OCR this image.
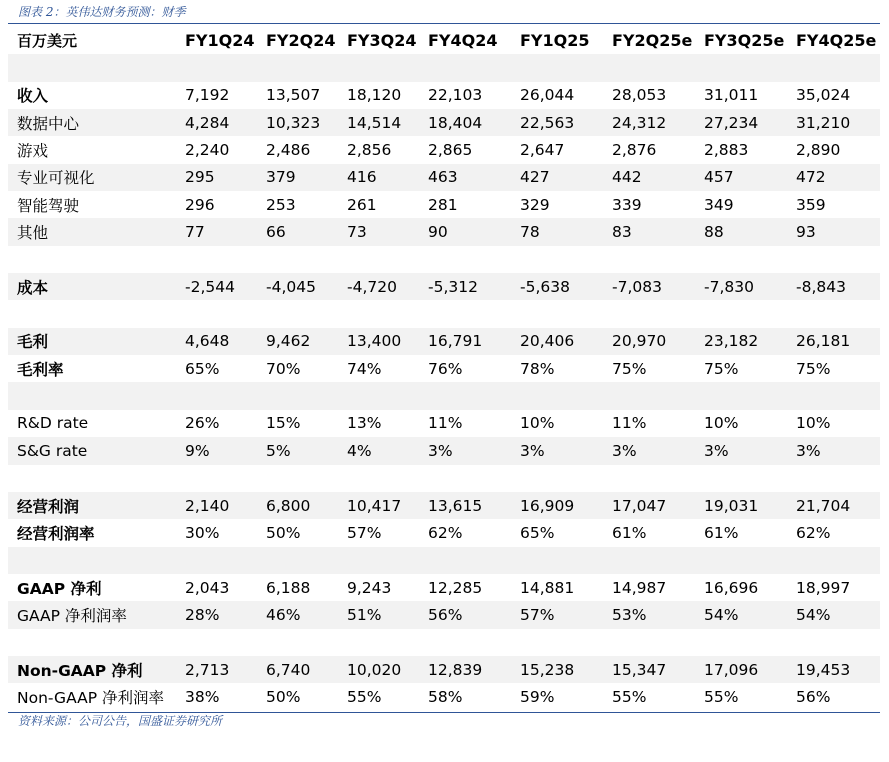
图表 2：英伟达财务预测：财季
百万美元	FY1Q24	FY2Q24	FY3Q24	FY4Q24	FY1Q25	FY2Q25e	FY3Q25e	FY4Q25e

收入	7,192	13,507	18,120	22,103	26,044	28,053	31,011	35,024
数据中心	4,284	10,323	14,514	18,404	22,563	24,312	27,234	31,210
游戏	2,240	2,486	2,856	2,865	2,647	2,876	2,883	2,890
专业可视化	295	379	416	463	427	442	457	472
智能驾驶	296	253	261	281	329	339	349	359
其他	77	66	73	90	78	83	88	93

成本	-2,544	-4,045	-4,720	-5,312	-5,638	-7,083	-7,830	-8,843

毛利	4,648	9,462	13,400	16,791	20,406	20,970	23,182	26,181
毛利率	65%	70%	74%	76%	78%	75%	75%	75%

R&D rate	26%	15%	13%	11%	10%	11%	10%	10%
S&G rate	9%	5%	4%	3%	3%	3%	3%	3%

经营利润	2,140	6,800	10,417	13,615	16,909	17,047	19,031	21,704
经营利润率	30%	50%	57%	62%	65%	61%	61%	62%

GAAP 净利	2,043	6,188	9,243	12,285	14,881	14,987	16,696	18,997
GAAP 净利润率	28%	46%	51%	56%	57%	53%	54%	54%

Non-GAAP 净利	2,713	6,740	10,020	12,839	15,238	15,347	17,096	19,453
Non-GAAP 净利润率	38%	50%	55%	58%	59%	55%	55%	56%
资料来源：公司公告，国盛证券研究所
